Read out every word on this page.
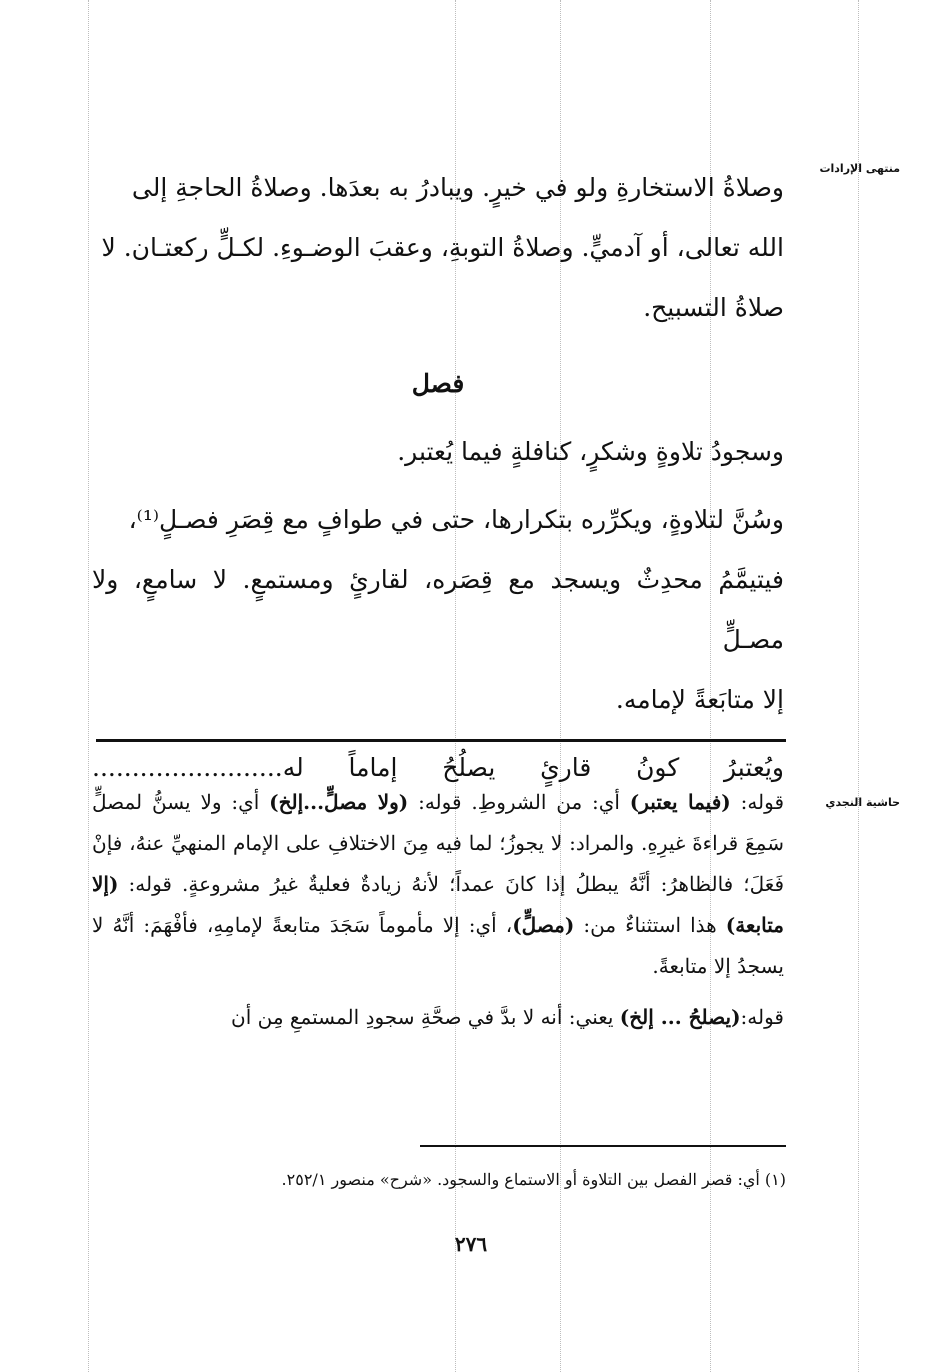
منتهى الإرادات

وصلاةُ الاستخارةِ ولو في خيرٍ. ويبادرُ به بعدَها. وصلاةُ الحاجةِ إلى

الله تعالى، أو آدميٍّ. وصلاةُ التوبةِ، وعقبَ الوضـوءِ. لكـلٍّ ركعتـان. لا

صلاةُ التسبيح.

فصل

وسجودُ تلاوةٍ وشكرٍ، كنافلةٍ فيما يُعتبر.

وسُنَّ لتلاوةٍ، ويكرِّره بتكرارها، حتى في طوافٍ مع قِصَرِ فصـلٍ⁽¹⁾،

فيتيمَّمُ محدِثٌ ويسجد مع قِصَره، لقارئٍ ومستمعٍ. لا سامعٍ، ولا مصـلٍّ

إلا متابَعةً لإمامه.

ويُعتبرُ كونُ قارئٍ يصلُحُ إماماً له........................

حاشية النجدي

قوله: (فيما يعتبر) أي: من الشروطِ. قوله: (ولا مصلٍّ...إلخ) أي: ولا يسنُّ لمصلٍّ سَمِعَ قراءةَ غيرِهِ. والمراد: لا يجوزُ؛ لما فيه مِنَ الاختلافِ على الإمام المنهيِّ عنهُ، فإنْ فَعَلَ؛ فالظاهرُ: أنَّهُ يبطلُ إذا كانَ عمداً؛ لأنهُ زيادةٌ فعليةٌ غيرُ مشروعةٍ. قوله: (إلا متابعة) هذا استثناءٌ من: (مصلٍّ)، أي: إلا مأموماً سَجَدَ متابعةً لإمامِهِ، فأفْهَمَ: أنَّهُ لا يسجدُ إلا متابعةً.

قوله:(يصلحُ ... إلخ) يعني: أنه لا بدَّ في صحَّةِ سجودِ المستمعِ مِن أن

(١) أي: قصر الفصل بين التلاوة أو الاستماع والسجود. «شرح» منصور ٢٥٢/١.
٢٧٦
